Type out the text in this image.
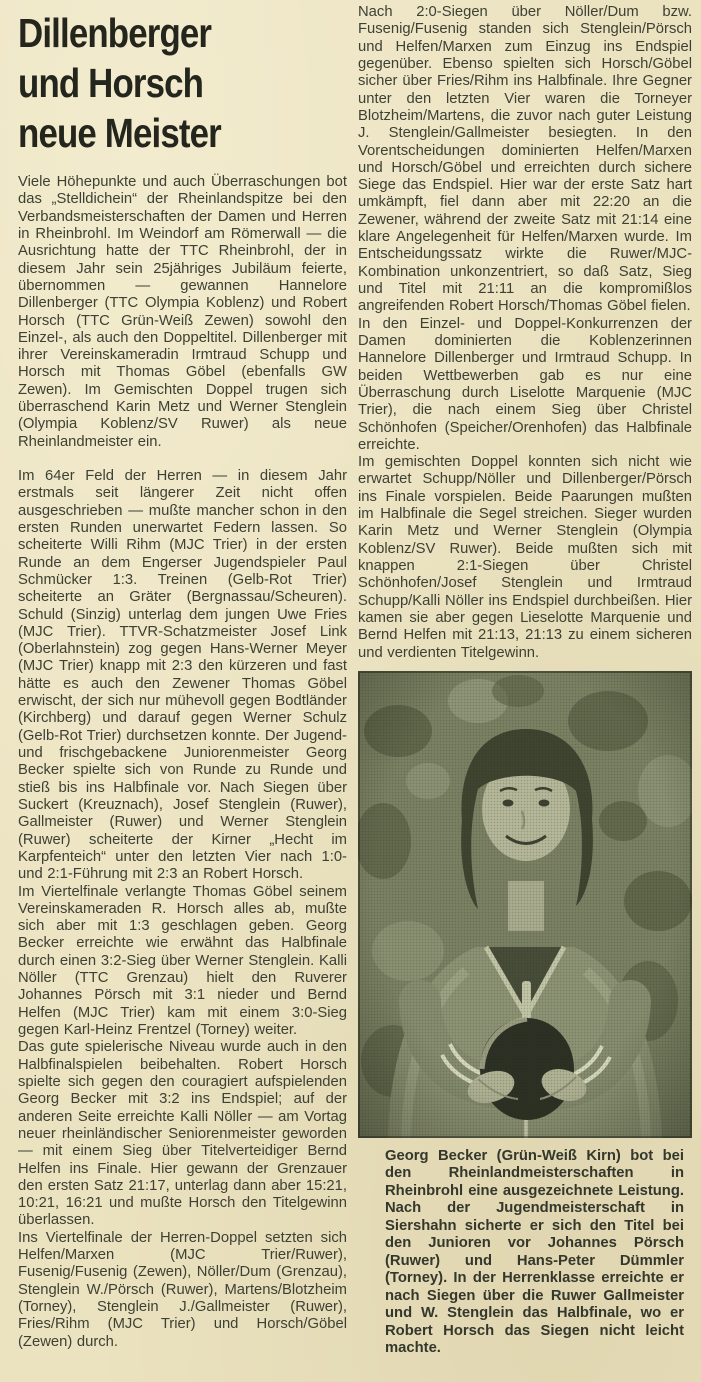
Dillenberger
und Horsch
neue Meister

Viele Höhepunkte und auch Überraschungen bot das „Stelldichein“ der Rheinlandspitze bei den Verbandsmeisterschaften der Damen und Herren in Rheinbrohl. Im Weindorf am Römerwall — die Ausrichtung hatte der TTC Rheinbrohl, der in diesem Jahr sein 25jähriges Jubiläum feierte, übernommen — gewannen Hannelore Dillenberger (TTC Olympia Koblenz) und Robert Horsch (TTC Grün-Weiß Zewen) sowohl den Einzel-, als auch den Doppeltitel. Dillenberger mit ihrer Vereinskameradin Irmtraud Schupp und Horsch mit Thomas Göbel (ebenfalls GW Zewen). Im Gemischten Doppel trugen sich überraschend Karin Metz und Werner Stenglein (Olympia Koblenz/SV Ruwer) als neue Rheinlandmeister ein.

Im 64er Feld der Herren — in diesem Jahr erstmals seit längerer Zeit nicht offen ausgeschrieben — mußte mancher schon in den ersten Runden unerwartet Federn lassen. So scheiterte Willi Rihm (MJC Trier) in der ersten Runde an dem Engerser Jugendspieler Paul Schmücker 1:3. Treinen (Gelb-Rot Trier) scheiterte an Gräter (Bergnassau/Scheuren). Schuld (Sinzig) unterlag dem jungen Uwe Fries (MJC Trier). TTVR-Schatzmeister Josef Link (Oberlahnstein) zog gegen Hans-Werner Meyer (MJC Trier) knapp mit 2:3 den kürzeren und fast hätte es auch den Zewener Thomas Göbel erwischt, der sich nur mühevoll gegen Bodtländer (Kirchberg) und darauf gegen Werner Schulz (Gelb-Rot Trier) durchsetzen konnte. Der Jugend- und frischgebackene Juniorenmeister Georg Becker spielte sich von Runde zu Runde und stieß bis ins Halbfinale vor. Nach Siegen über Suckert (Kreuznach), Josef Stenglein (Ruwer), Gallmeister (Ruwer) und Werner Stenglein (Ruwer) scheiterte der Kirner „Hecht im Karpfenteich“ unter den letzten Vier nach 1:0- und 2:1-Führung mit 2:3 an Robert Horsch.

Im Viertelfinale verlangte Thomas Göbel seinem Vereinskameraden R. Horsch alles ab, mußte sich aber mit 1:3 geschlagen geben. Georg Becker erreichte wie erwähnt das Halbfinale durch einen 3:2-Sieg über Werner Stenglein. Kalli Nöller (TTC Grenzau) hielt den Ruverer Johannes Pörsch mit 3:1 nieder und Bernd Helfen (MJC Trier) kam mit einem 3:0-Sieg gegen Karl-Heinz Frentzel (Torney) weiter.

Das gute spielerische Niveau wurde auch in den Halbfinalspielen beibehalten. Robert Horsch spielte sich gegen den couragiert aufspielenden Georg Becker mit 3:2 ins Endspiel; auf der anderen Seite erreichte Kalli Nöller — am Vortag neuer rheinländischer Seniorenmeister geworden — mit einem Sieg über Titelverteidiger Bernd Helfen ins Finale. Hier gewann der Grenzauer den ersten Satz 21:17, unterlag dann aber 15:21, 10:21, 16:21 und mußte Horsch den Titelgewinn überlassen.

Ins Viertelfinale der Herren-Doppel setzten sich Helfen/Marxen (MJC Trier/Ruwer), Fusenig/Fusenig (Zewen), Nöller/Dum (Grenzau), Stenglein W./Pörsch (Ruwer), Martens/Blotzheim (Torney), Stenglein J./Gallmeister (Ruwer), Fries/Rihm (MJC Trier) und Horsch/Göbel (Zewen) durch.

Nach 2:0-Siegen über Nöller/Dum bzw. Fusenig/Fusenig standen sich Stenglein/Pörsch und Helfen/Marxen zum Einzug ins Endspiel gegenüber. Ebenso spielten sich Horsch/Göbel sicher über Fries/Rihm ins Halbfinale. Ihre Gegner unter den letzten Vier waren die Torneyer Blotzheim/Martens, die zuvor nach guter Leistung J. Stenglein/Gallmeister besiegten. In den Vorentscheidungen dominierten Helfen/Marxen und Horsch/Göbel und erreichten durch sichere Siege das Endspiel. Hier war der erste Satz hart umkämpft, fiel dann aber mit 22:20 an die Zewener, während der zweite Satz mit 21:14 eine klare Angelegenheit für Helfen/Marxen wurde. Im Entscheidungssatz wirkte die Ruwer/MJC-Kombination unkonzentriert, so daß Satz, Sieg und Titel mit 21:11 an die kompromißlos angreifenden Robert Horsch/Thomas Göbel fielen.

In den Einzel- und Doppel-Konkurrenzen der Damen dominierten die Koblenzerinnen Hannelore Dillenberger und Irmtraud Schupp. In beiden Wettbewerben gab es nur eine Überraschung durch Liselotte Marquenie (MJC Trier), die nach einem Sieg über Christel Schönhofen (Speicher/Orenhofen) das Halbfinale erreichte.

Im gemischten Doppel konnten sich nicht wie erwartet Schupp/Nöller und Dillenberger/Pörsch ins Finale vorspielen. Beide Paarungen mußten im Halbfinale die Segel streichen. Sieger wurden Karin Metz und Werner Stenglein (Olympia Koblenz/SV Ruwer). Beide mußten sich mit knappen 2:1-Siegen über Christel Schönhofen/Josef Stenglein und Irmtraud Schupp/Kalli Nöller ins Endspiel durchbeißen. Hier kamen sie aber gegen Lieselotte Marquenie und Bernd Helfen mit 21:13, 21:13 zu einem sicheren und verdienten Titelgewinn.

Georg Becker (Grün-Weiß Kirn) bot bei den Rheinlandmeisterschaften in Rheinbrohl eine ausgezeichnete Leistung. Nach der Jugendmeisterschaft in Siershahn sicherte er sich den Titel bei den Junioren vor Johannes Pörsch (Ruwer) und Hans-Peter Dümmler (Torney). In der Herrenklasse erreichte er nach Siegen über die Ruwer Gallmeister und W. Stenglein das Halbfinale, wo er Robert Horsch das Siegen nicht leicht machte.
